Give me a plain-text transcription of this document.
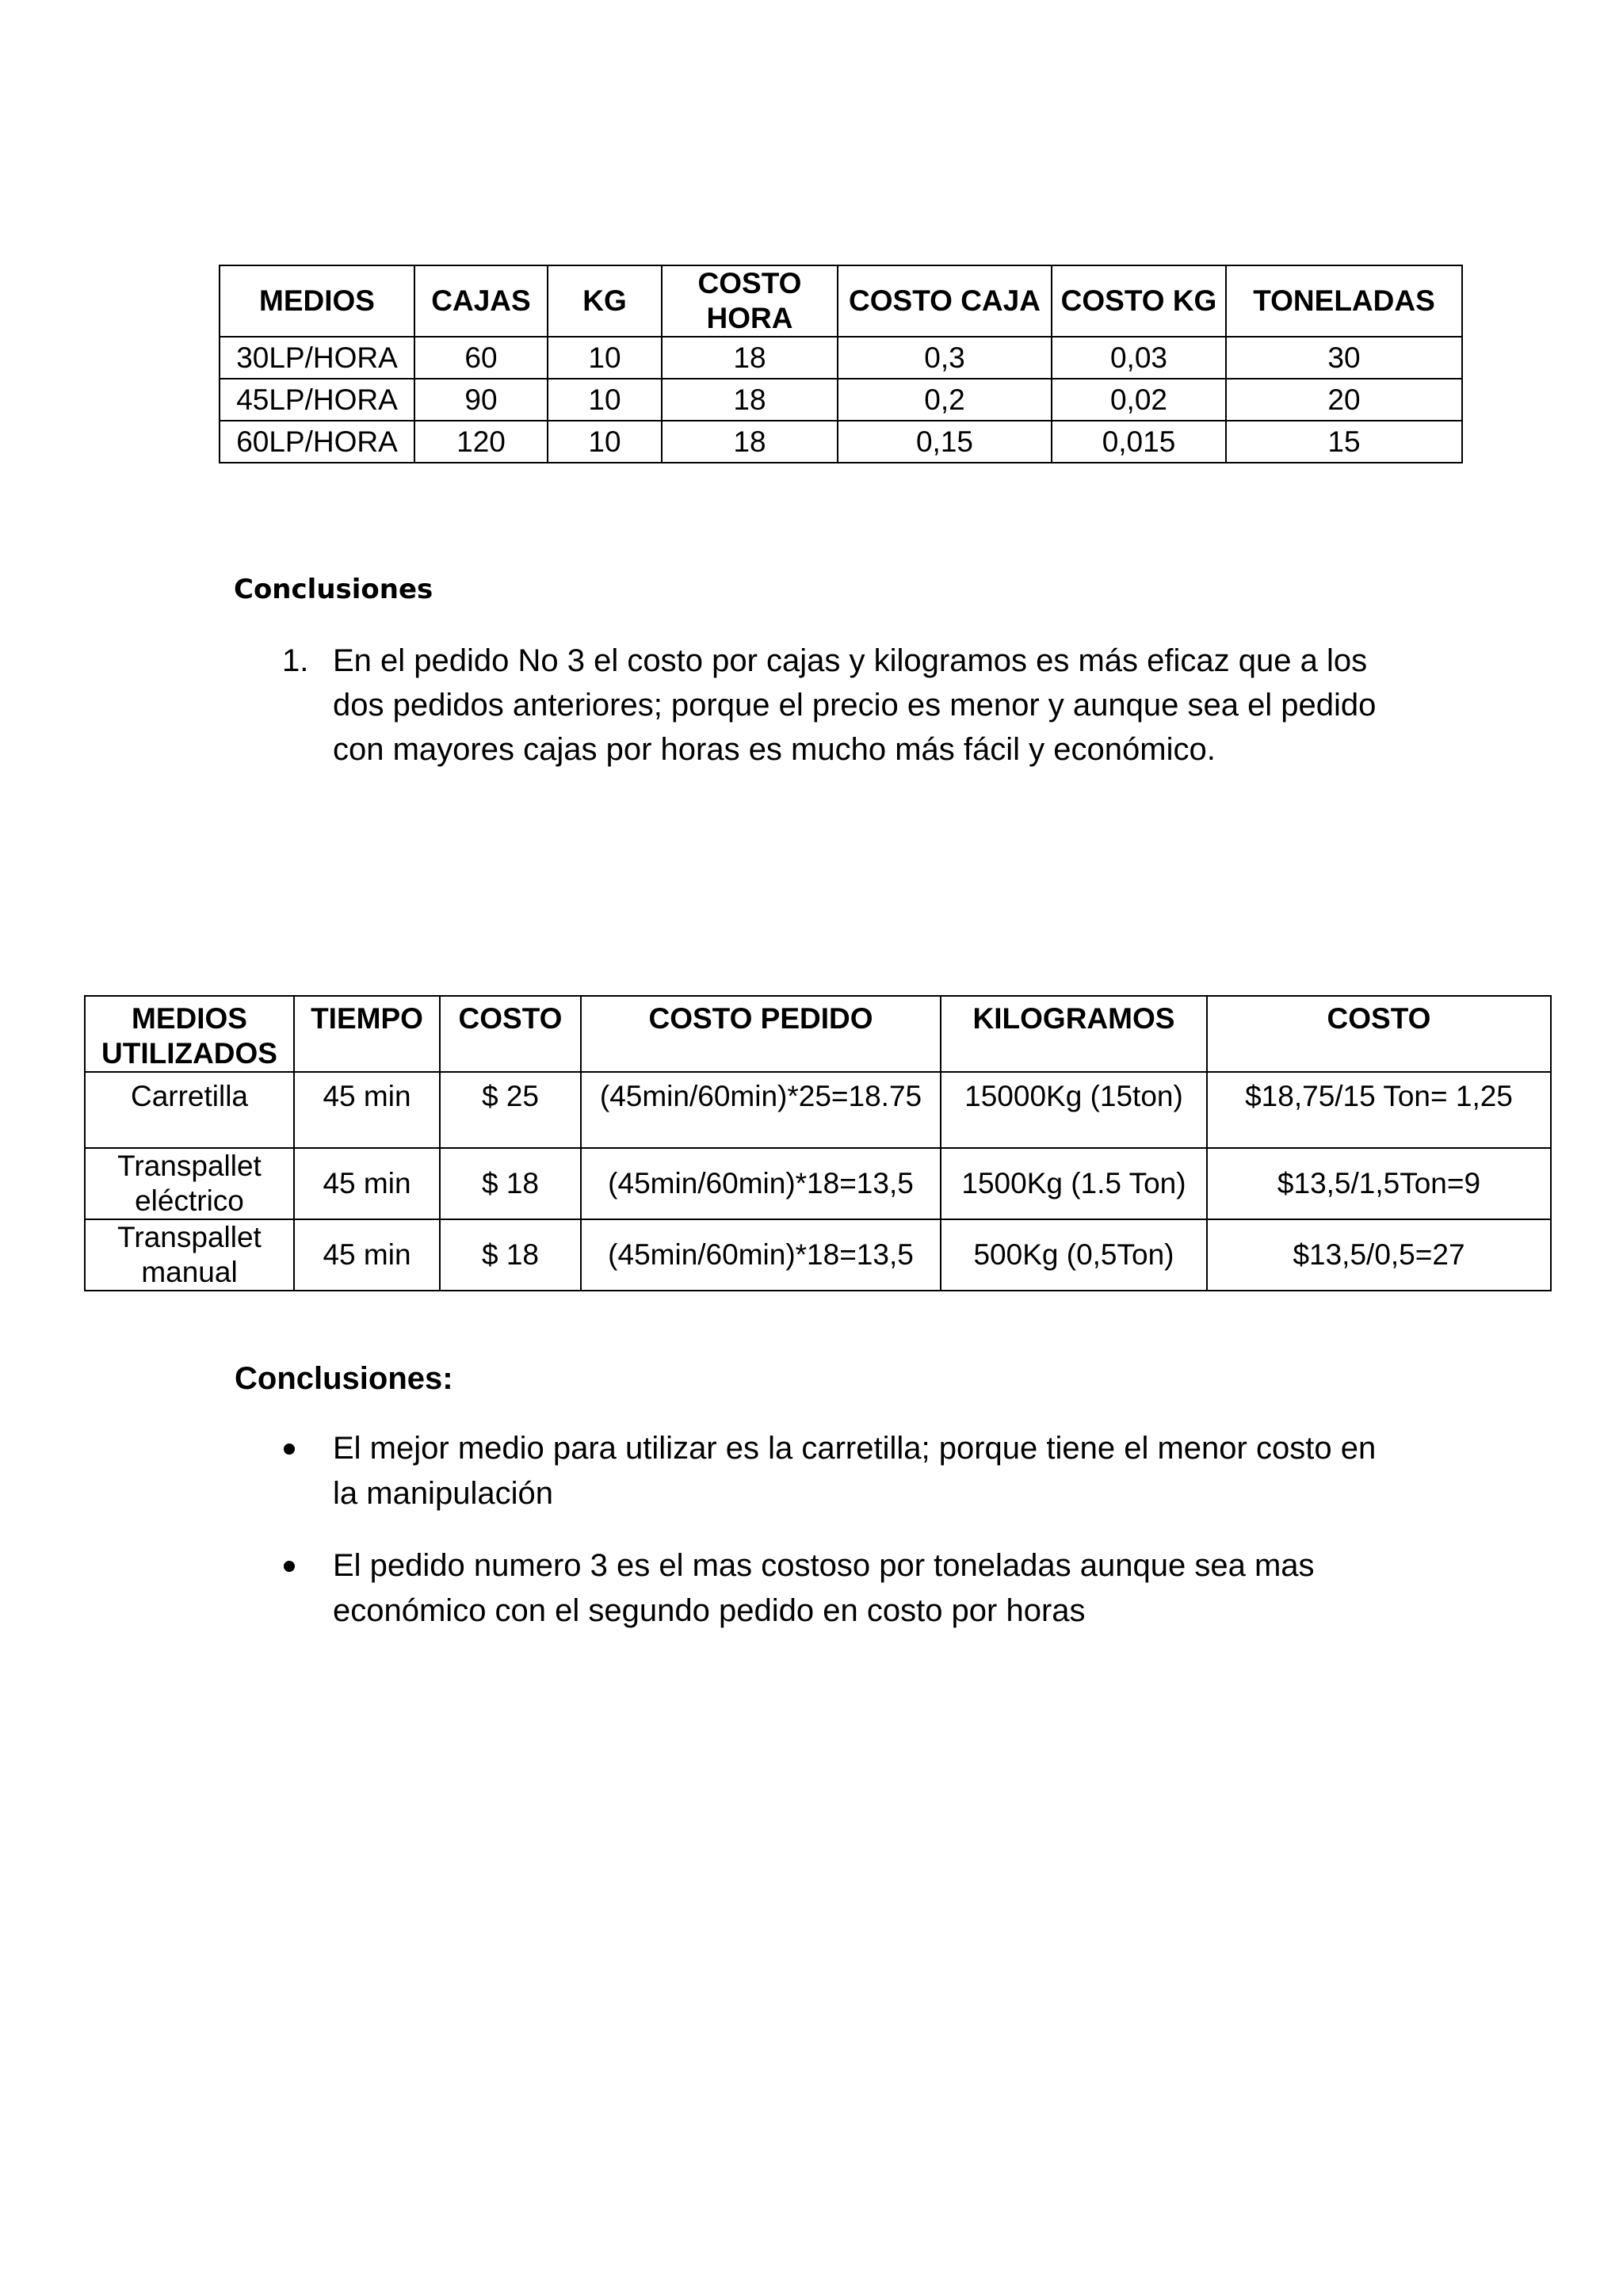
MEDIOS	CAJAS	KG	COSTO HORA	COSTO CAJA	COSTO KG	TONELADAS
30LP/HORA	60	10	18	0,3	0,03	30
45LP/HORA	90	10	18	0,2	0,02	20
60LP/HORA	120	10	18	0,15	0,015	15
Conclusiones
1. En el pedido No 3 el costo por cajas y kilogramos es más eficaz que a los dos pedidos anteriores; porque el precio es menor y aunque sea el pedido con mayores cajas por horas es mucho más fácil y económico.
MEDIOS UTILIZADOS	TIEMPO	COSTO	COSTO PEDIDO	KILOGRAMOS	COSTO
Carretilla	45 min	$ 25	(45min/60min)*25=18.75	15000Kg (15ton)	$18,75/15 Ton= 1,25
Transpallet eléctrico	45 min	$ 18	(45min/60min)*18=13,5	1500Kg (1.5 Ton)	$13,5/1,5Ton=9
Transpallet manual	45 min	$ 18	(45min/60min)*18=13,5	500Kg (0,5Ton)	$13,5/0,5=27
Conclusiones:
El mejor medio para utilizar es la carretilla; porque tiene el menor costo en la manipulación
El pedido numero 3 es el mas costoso por toneladas aunque sea mas económico con el segundo pedido en costo por horas
